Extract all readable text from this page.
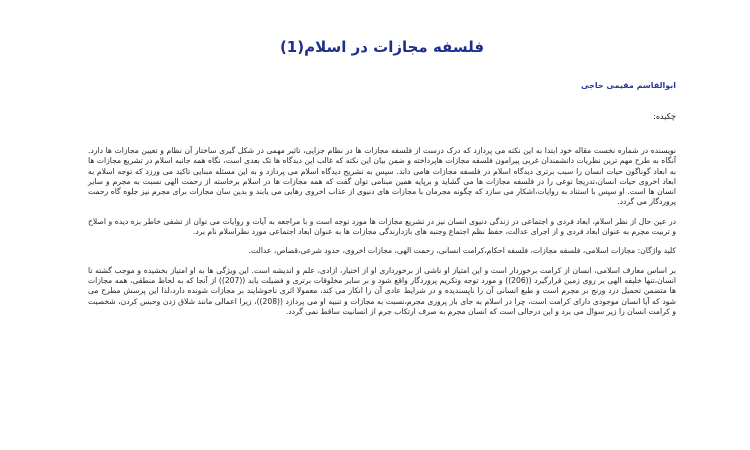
فلسفه مجازات در اسلام(1)
ابوالقاسم مقیمی حاجی
چکیده:

نویسنده در شماره نخست مقاله خود ابتدا به این نکته می پردازد که درک درست از فلسفه مجازات ها در نظام جزایی، تاثیر مهمی در شکل گیری ساختار آن نظام و تعیین مجازات ها دارد. آنگاه به طرح مهم ترین نظریات دانشمندان غربی پیرامون فلسفه مجازات هاپرداخته و ضمن بیان این نکته که غالب این دیدگاه ها تک بعدی است، نگاه همه جانبه اسلام در تشریع مجازات ها به ابعاد گوناگون حیات انسان را سبب برتری دیدگاه اسلام در فلسفه مجازات هامی داند. سپس به تشریح دیدگاه اسلام می پردازد و به این مسئله مبنایی تاکید می ورزد که توجه اسلام به ابعاد اخروی حیات انسان،تدریجا نوعی را در فلسفه مجازات ها می گشاید و برپایه همین مبنامی توان گفت که همه مجازات ها در اسلام برخاسته از رحمت الهی نسبت به مجرم و سایر انسان ها است. او سپس با استناد به روایات،اشکار می سازد که چگونه مجرمان با مجازات های دنیوی از عذاب اخروی رهایی می یابند و بدین سان مجازات برای مجرم نیز جلوه گاه رحمت پروردگار می گردد.

در عین حال از نظر اسلام، ابعاد فردی و اجتماعی در زندگی دنیوی انسان نیز در تشریع مجازات ها مورد توجه است و با مراجعه به آیات و روایات می توان از تشفی خاطر بزه دیده و اصلاح و تربیت مجرم به عنوان ابعاد فردی و از اجرای عدالت، حفظ نظم اجتماع وجنبه های بازدارندگی مجازات ها به عنوان ابعاد اجتماعی مورد نظراسلام نام برد.

کلید واژگان: مجازات اسلامی، فلسفه مجازات، فلسفه احکام،کرامت انسانی، رحمت الهی، مجازات اخروی، حدود شرعی،قصاص، عدالت.

بر اساس معارف اسلامی، انسان از کرامت برخوردار است و این امتیاز او ناشی از برخورداری او از اختیار، ازادی، علم و اندیشه است. این ویژگی ها به او امتیاز بخشیده و موجب گشته تا انسان،تنها خلیفه الهی بر روی زمین قرارگیرد ((206)) و مورد توجه وتکریم پروردگار واقع شود و بر سایر مخلوقات برتری و فضیلت یابد ((207)) از آنجا که به لحاظ منطقی، همه مجازات ها متضمن تحمیل درد ورنج بر مجرم است و طبع انسانی آن را ناپسندیده و در شرایط عادی آن را انکار می کند، معمولا اثری ناخوشایند بر مجازات شونده دارد،لذا این پرسش مطرح می شود که آیا انسان موجودی دارای کرامت است، چرا در اسلام به جای باز پروری مجرم،نسبت به مجازات و تنبیه او می پردازد ((208))، زیرا اعمالی مانند شلاق زدن وحبس کردن، شخصیت و کرامت انسان را زیر سوال می برد و این درحالی است که انسان مجرم به صرف ارتکاب جرم از انسانیت ساقط نمی گردد.
